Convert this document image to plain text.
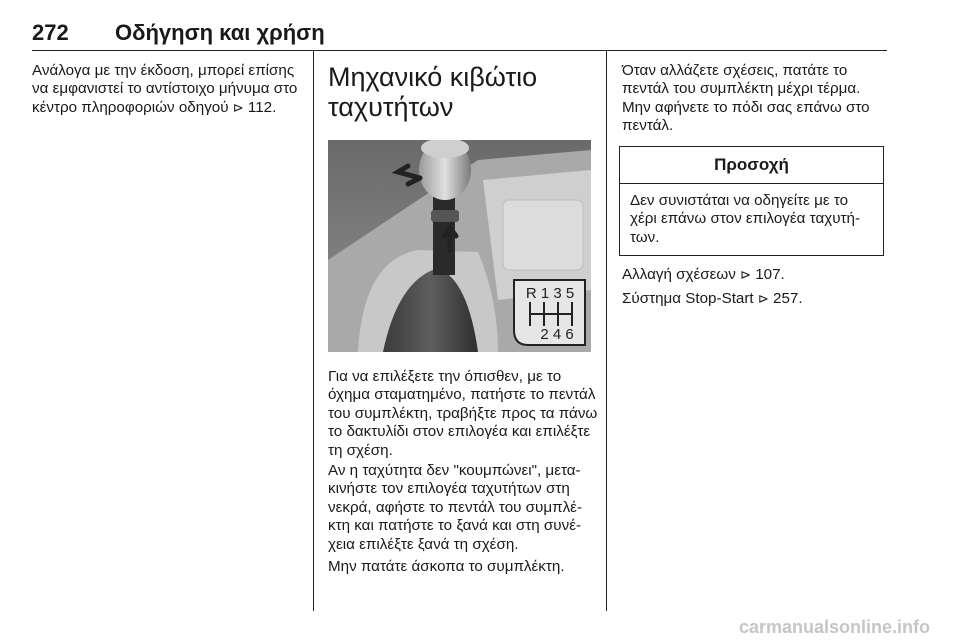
272 Οδήγηση και χρήση

Ανάλογα με την έκδοση, μπορεί επίσης να εμφανιστεί το αντίστοιχο μήνυμα στο κέντρο πληροφοριών οδηγού ⊳ 112.

Μηχανικό κιβώτιο ταχυτήτων
R 1 3 5
2 4 6

Για να επιλέξετε την όπισθεν, με το όχημα σταματημένο, πατήστε το πεντάλ του συμπλέκτη, τραβήξτε προς τα πάνω το δακτυλίδι στον επιλογέα και επιλέξτε τη σχέση.

Αν η ταχύτητα δεν "κουμπώνει", μετα-κινήστε τον επιλογέα ταχυτήτων στη νεκρά, αφήστε το πεντάλ του συμπλέ-κτη και πατήστε το ξανά και στη συνέ-χεια επιλέξτε ξανά τη σχέση.

Μην πατάτε άσκοπα το συμπλέκτη.

Όταν αλλάζετε σχέσεις, πατάτε το πεντάλ του συμπλέκτη μέχρι τέρμα. Μην αφήνετε το πόδι σας επάνω στο πεντάλ.

Προσοχή
Δεν συνιστάται να οδηγείτε με το χέρι επάνω στον επιλογέα ταχυτή-των.

Αλλαγή σχέσεων ⊳ 107.

Σύστημα Stop-Start ⊳ 257.

carmanualsonline.info
